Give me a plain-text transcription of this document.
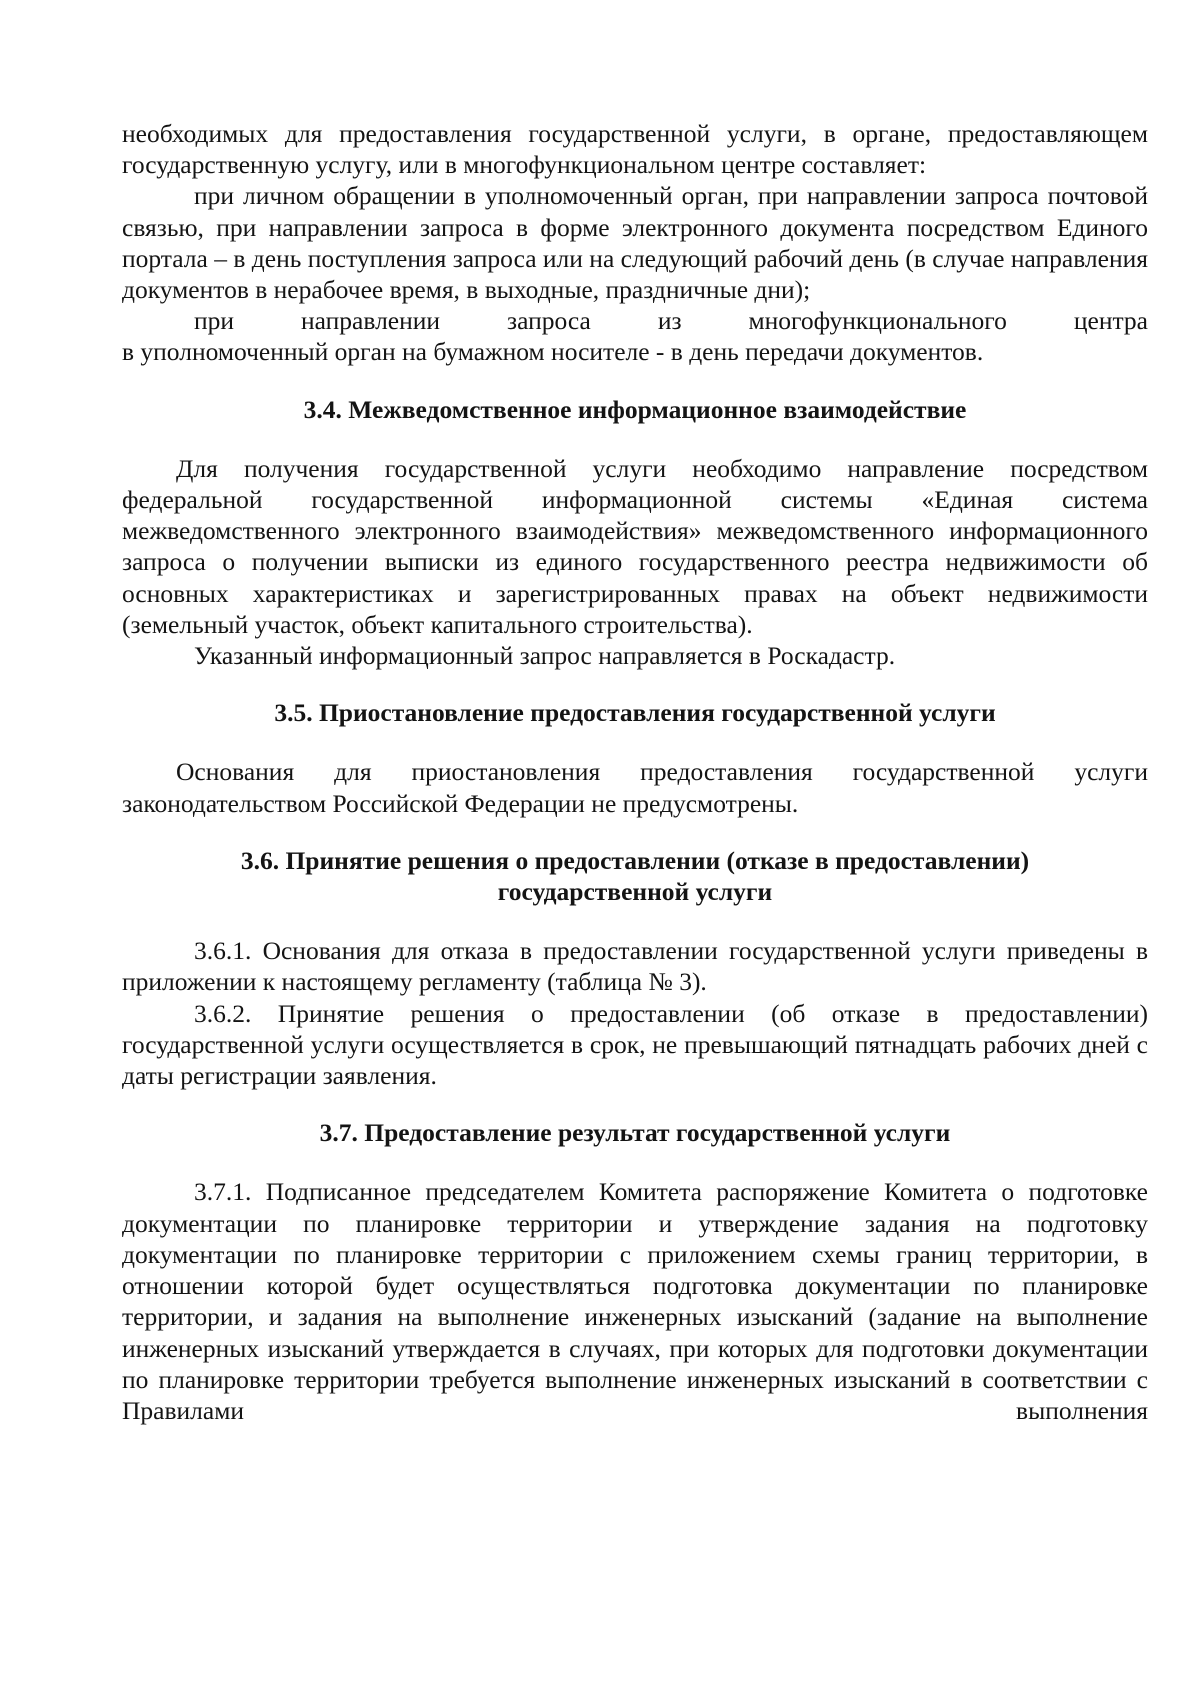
необходимых для предоставления государственной услуги, в органе, предоставляющем государственную услугу, или в многофункциональном центре составляет:

при личном обращении в уполномоченный орган, при направлении запроса почтовой связью, при направлении запроса в форме электронного документа посредством Единого портала – в день поступления запроса или на следующий рабочий день (в случае направления документов в нерабочее время, в выходные, праздничные дни);

при направлении запроса из многофункционального центра

в уполномоченный орган на бумажном носителе - в день передачи документов.

3.4. Межведомственное информационное взаимодействие

Для получения государственной услуги необходимо направление посредством федеральной государственной информационной системы «Единая система межведомственного электронного взаимодействия» межведомственного информационного запроса о получении выписки из единого государственного реестра недвижимости об основных характеристиках и зарегистрированных правах на объект недвижимости (земельный участок, объект капитального строительства).

Указанный информационный запрос направляется в Роскадастр.

3.5. Приостановление предоставления государственной услуги

Основания для приостановления предоставления государственной услуги законодательством Российской Федерации не предусмотрены.

3.6. Принятие решения о предоставлении (отказе в предоставлении)

государственной услуги

3.6.1. Основания для отказа в предоставлении государственной услуги приведены в приложении к настоящему регламенту (таблица № 3).

3.6.2. Принятие решения о предоставлении (об отказе в предоставлении) государственной услуги осуществляется в срок, не превышающий пятнадцать рабочих дней с даты регистрации заявления.

3.7. Предоставление результат государственной услуги

3.7.1. Подписанное председателем Комитета распоряжение Комитета о подготовке документации по планировке территории и утверждение задания на подготовку документации по планировке территории с приложением схемы границ территории, в отношении которой будет осуществляться подготовка документации по планировке территории, и задания на выполнение инженерных изысканий (задание на выполнение инженерных изысканий утверждается в случаях, при которых для подготовки документации по планировке территории требуется выполнение инженерных изысканий в соответствии с Правилами выполнения
